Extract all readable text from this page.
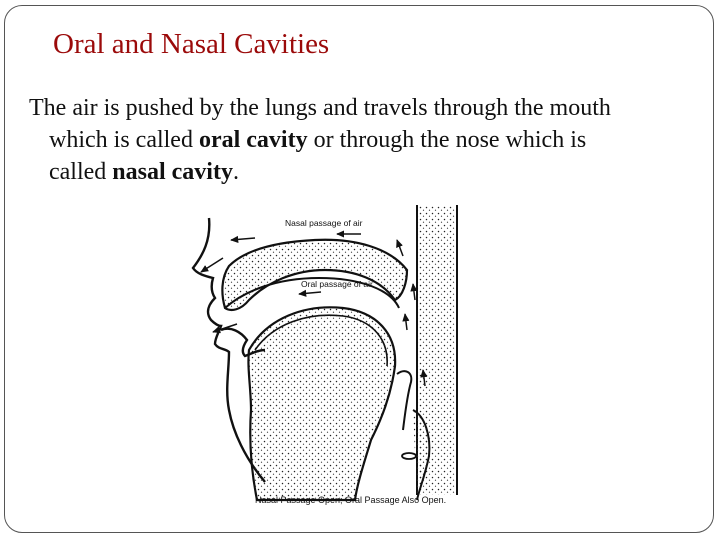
Oral and Nasal Cavities
The air is pushed by the lungs and travels through the mouth
which is called oral cavity or through the nose which is
called nasal cavity.
Nasal passage of air
Oral passage of air
Nasal Passage Open; Oral Passage Also Open.
